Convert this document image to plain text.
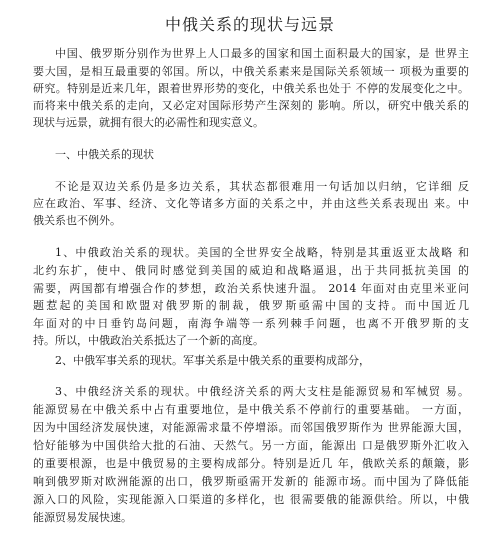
中俄关系的现状与远景
中国、俄罗斯分别作为世界上人口最多的国家和国土面积最大的国家，是 世界主
要大国，是相互最重要的邻国。所以，中俄关系素来是国际关系领域一 项极为重要的
研究。特别是近来几年，跟着世界形势的变化，中俄关系也处于 不停的发展变化之中。
而将来中俄关系的走向，又必定对国际形势产生深刻的 影响。所以，研究中俄关系的
现状与远景，就拥有很大的必需性和现实意义。
一、中俄关系的现状
不论是双边关系仍是多边关系，其状态都很难用一句话加以归纳，它详细 反
应在政治、军事、经济、文化等诸多方面的关系之中，并由这些关系表现出 来。中
俄关系也不例外。
1、中俄政治关系的现状。美国的全世界安全战略，特别是其重返亚太战略 和
北约东扩，使中、俄同时感觉到美国的威迫和战略逼退，出于共同抵抗美国 的
需要，两国都有增强合作的梦想，政治关系快速升温。 2014 年面对由克里米亚问
题惹起的美国和欧盟对俄罗斯的制裁，俄罗斯亟需中国的支持。而中国近几
年面对的中日垂钓岛问题，南海争端等一系列棘手问题，也离不开俄罗斯的支
持。所以，中俄政治关系抵达了一个新的高度。
2、中俄军事关系的现状。军事关系是中俄关系的重要构成部分，
3、中俄经济关系的现状。中俄经济关系的两大支柱是能源贸易和军械贸 易。
能源贸易在中俄关系中占有重要地位，是中俄关系不停前行的重要基础。 一方面，
因为中国经济发展快速，对能源需求量不停增添。而邻国俄罗斯作为 世界能源大国，
恰好能够为中国供给大批的石油、天然气。另一方面，能源出 口是俄罗斯外汇收入
的重要根源，也是中俄贸易的主要构成部分。特别是近几 年，俄欧关系的颠簸，影
响到俄罗斯对欧洲能源的出口，俄罗斯亟需开发新的 能源市场。而中国为了降低能
源入口的风险，实现能源入口渠道的多样化，也 很需要俄的能源供给。所以，中俄
能源贸易发展快速。
